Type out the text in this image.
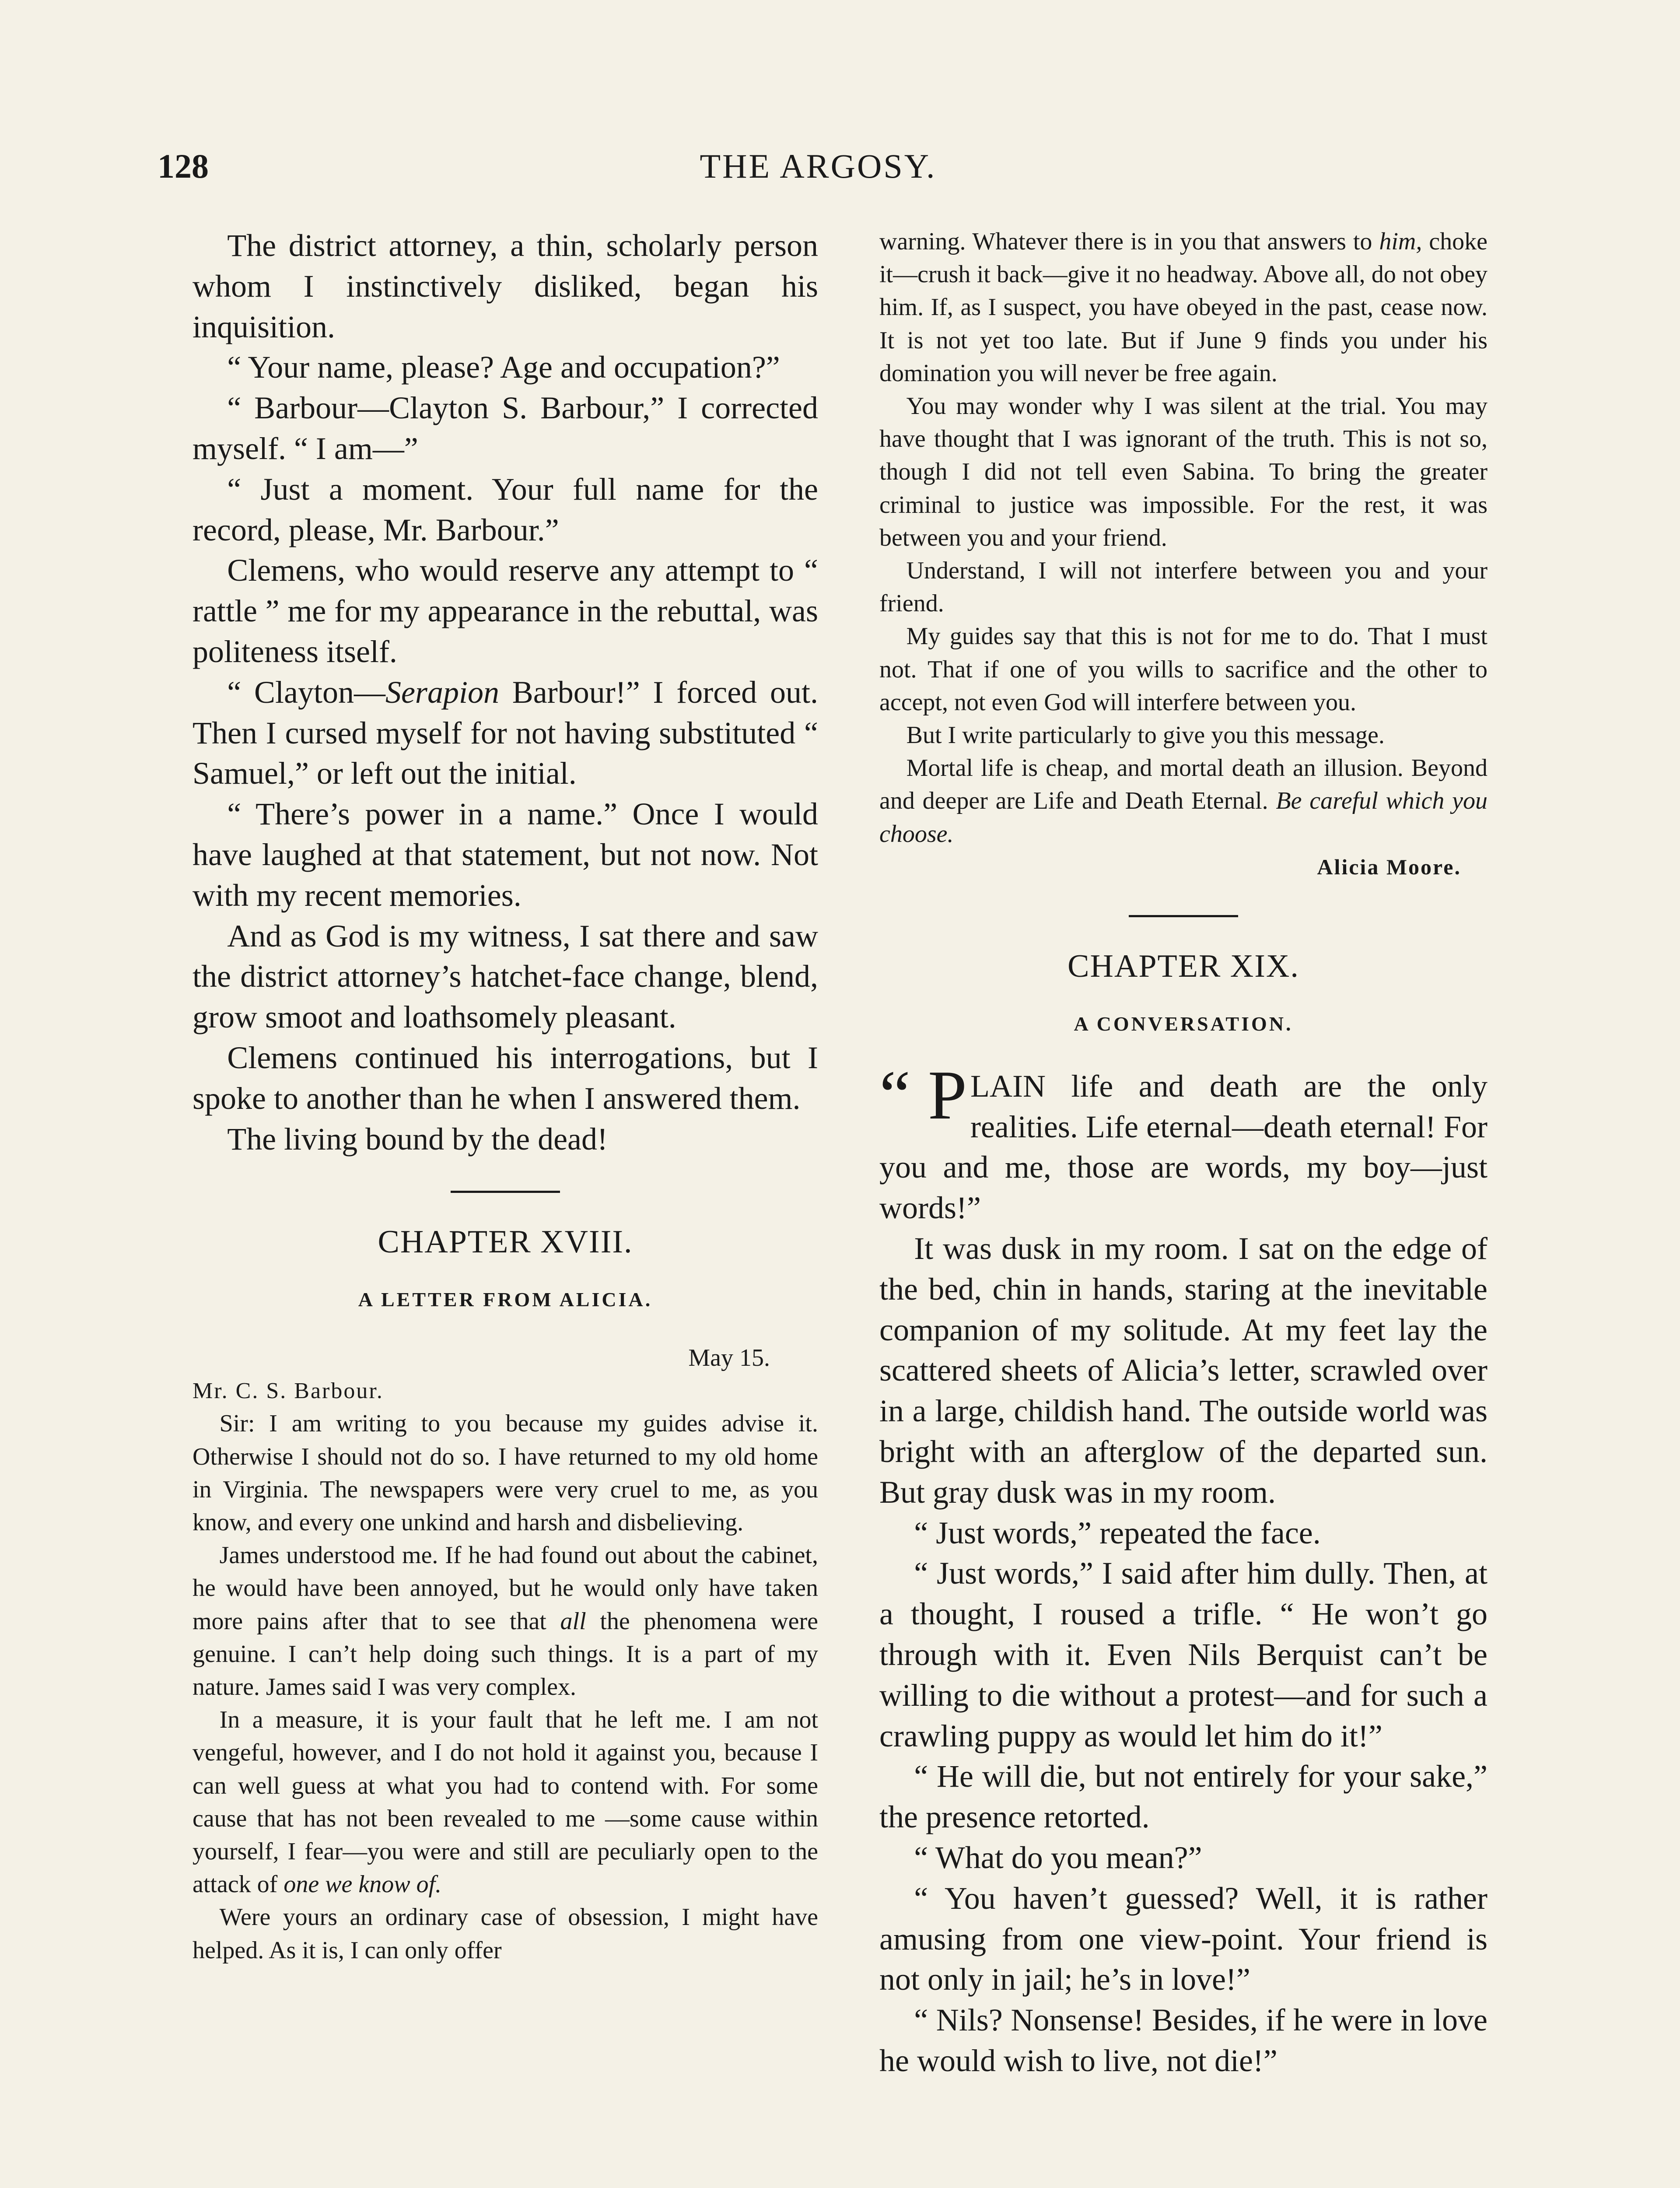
128	THE ARGOSY.

The district attorney, a thin, scholarly person whom I instinctively disliked, began his inquisition.

“ Your name, please? Age and occupation?”

“ Barbour—Clayton S. Barbour,” I corrected myself. “ I am—”

“ Just a moment. Your full name for the record, please, Mr. Barbour.”

Clemens, who would reserve any attempt to “ rattle ” me for my appearance in the rebuttal, was politeness itself.

“ Clayton—Serapion Barbour!” I forced out. Then I cursed myself for not having substituted “ Samuel,” or left out the initial.

“ There’s power in a name.” Once I would have laughed at that statement, but not now. Not with my recent memories.

And as God is my witness, I sat there and saw the district attorney’s hatchet-face change, blend, grow smoot and loathsomely pleasant.

Clemens continued his interrogations, but I spoke to another than he when I answered them.

The living bound by the dead!

CHAPTER XVIII.
A LETTER FROM ALICIA.
May 15.
Mr. C. S. Barbour.

Sir: I am writing to you because my guides advise it. Otherwise I should not do so. I have returned to my old home in Virginia. The newspapers were very cruel to me, as you know, and every one unkind and harsh and disbelieving.

James understood me. If he had found out about the cabinet, he would have been annoyed, but he would only have taken more pains after that to see that all the phenomena were genuine. I can’t help doing such things. It is a part of my nature. James said I was very complex.

In a measure, it is your fault that he left me. I am not vengeful, however, and I do not hold it against you, because I can well guess at what you had to contend with. For some cause that has not been revealed to me —some cause within yourself, I fear—you were and still are peculiarly open to the attack of one we know of.

Were yours an ordinary case of obsession, I might have helped. As it is, I can only offer

warning. Whatever there is in you that answers to him, choke it—crush it back—give it no headway. Above all, do not obey him. If, as I suspect, you have obeyed in the past, cease now. It is not yet too late. But if June 9 finds you under his domination you will never be free again.

You may wonder why I was silent at the trial. You may have thought that I was ignorant of the truth. This is not so, though I did not tell even Sabina. To bring the greater criminal to justice was impossible. For the rest, it was between you and your friend.

Understand, I will not interfere between you and your friend.

My guides say that this is not for me to do. That I must not. That if one of you wills to sacrifice and the other to accept, not even God will interfere between you.

But I write particularly to give you this message.

Mortal life is cheap, and mortal death an illusion. Beyond and deeper are Life and Death Eternal. Be careful which you choose.

Alicia Moore.
CHAPTER XIX.
A CONVERSATION.

“ P LAIN life and death are the only realities. Life eternal—death eternal! For you and me, those are words, my boy—just words!”

It was dusk in my room. I sat on the edge of the bed, chin in hands, staring at the inevitable companion of my solitude. At my feet lay the scattered sheets of Alicia’s letter, scrawled over in a large, childish hand. The outside world was bright with an afterglow of the departed sun. But gray dusk was in my room.

“ Just words,” repeated the face.

“ Just words,” I said after him dully. Then, at a thought, I roused a trifle. “ He won’t go through with it. Even Nils Berquist can’t be willing to die without a protest—and for such a crawling puppy as would let him do it!”

“ He will die, but not entirely for your sake,” the presence retorted.

“ What do you mean?”

“ You haven’t guessed? Well, it is rather amusing from one view-point. Your friend is not only in jail; he’s in love!”

“ Nils? Nonsense! Besides, if he were in love he would wish to live, not die!”
